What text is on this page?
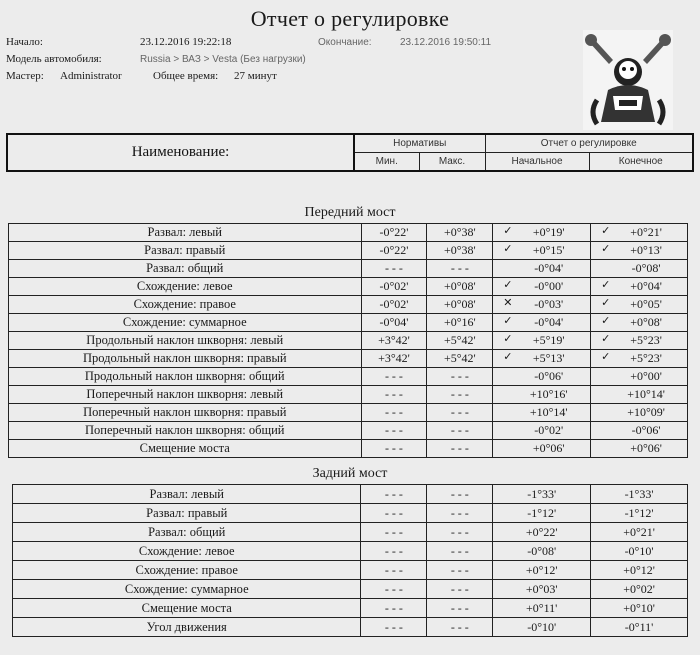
Отчет о регулировке
Начало:	23.12.2016 19:22:18	Окончание:	23.12.2016 19:50:11
Модель автомобиля:	Russia > ВАЗ > Vesta (Без нагрузки)
Мастер: Administrator	Общее время: 27 минут
Наименование:	Нормативы		Отчет о регулировке	
	Мин.	Макс.	Начальное	Конечное
Передний мост
Развал: левый	-0°22'	+0°38'	✓ +0°19'	✓ +0°21'
Развал: правый	-0°22'	+0°38'	✓ +0°15'	✓ +0°13'
Развал: общий	- - -	- - -	-0°04'	-0°08'
Схождение: левое	-0°02'	+0°08'	✓ -0°00'	✓ +0°04'
Схождение: правое	-0°02'	+0°08'	✕ -0°03'	✓ +0°05'
Схождение: суммарное	-0°04'	+0°16'	✓ -0°04'	✓ +0°08'
Продольный наклон шкворня: левый	+3°42'	+5°42'	✓ +5°19'	✓ +5°23'
Продольный наклон шкворня: правый	+3°42'	+5°42'	✓ +5°13'	✓ +5°23'
Продольный наклон шкворня: общий	- - -	- - -	-0°06'	+0°00'
Поперечный наклон шкворня: левый	- - -	- - -	+10°16'	+10°14'
Поперечный наклон шкворня: правый	- - -	- - -	+10°14'	+10°09'
Поперечный наклон шкворня: общий	- - -	- - -	-0°02'	-0°06'
Смещение моста	- - -	- - -	+0°06'	+0°06'
Задний мост
Развал: левый	- - -	- - -	-1°33'	-1°33'
Развал: правый	- - -	- - -	-1°12'	-1°12'
Развал: общий	- - -	- - -	+0°22'	+0°21'
Схождение: левое	- - -	- - -	-0°08'	-0°10'
Схождение: правое	- - -	- - -	+0°12'	+0°12'
Схождение: суммарное	- - -	- - -	+0°03'	+0°02'
Смещение моста	- - -	- - -	+0°11'	+0°10'
Угол движения	- - -	- - -	-0°10'	-0°11'
